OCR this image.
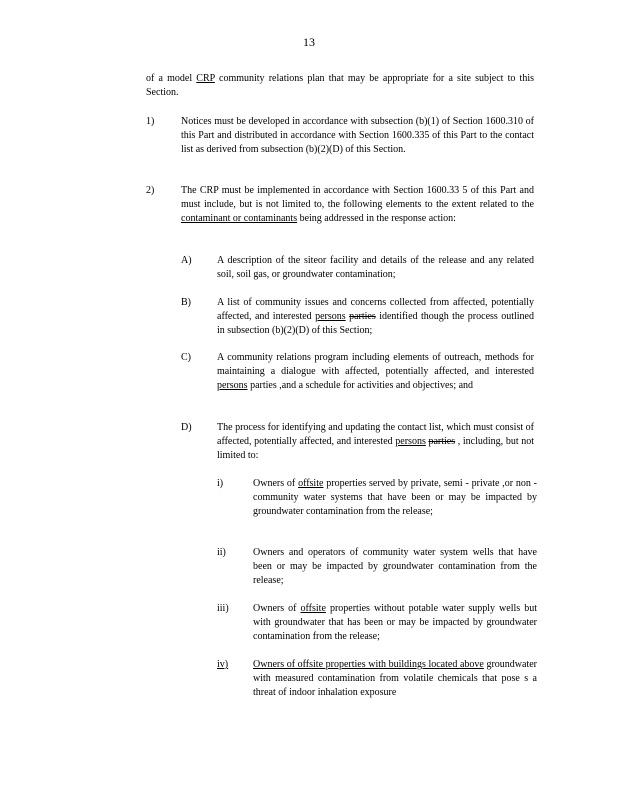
13
of a model CRP community relations plan that may be appropriate for a site subject to this Section.
1)	Notices must be developed in accordance with subsection (b)(1) of Section 1600.310 of this Part and distributed in accordance with Section 1600.335 of this Part to the contact list as derived from subsection (b)(2)(D) of this Section.
2)	The CRP must be implemented in accordance with Section 1600.33 5 of this Part and must include, but is not limited to, the following elements to the extent related to the contaminant or contaminants being addressed in the response action:
A)	A description of the siteor facility and details of the release and any related soil, soil gas, or groundwater contamination;
B)	A list of community issues and concerns collected from affected, potentially affected, and interested persons parties identified though the process outlined in subsection (b)(2)(D) of this Section;
C)	A community relations program including elements of outreach, methods for maintaining a dialogue with affected, potentially affected, and interested persons parties ,and a schedule for activities and objectives; and
D)	The process for identifying and updating the contact list, which must consist of affected, potentially affected, and interested persons parties , including, but not limited to:
i)	Owners of offsite properties served by private, semi - private ,or non -community water systems that have been or may be impacted by groundwater contamination from the release;
ii)	Owners and operators of community water system wells that have been or may be impacted by groundwater contamination from the release;
iii) Owners of offsite properties without potable water supply wells but with groundwater that has been or may be impacted by groundwater contamination from the release;
iv) Owners of offsite properties with buildings located above groundwater with measured contamination from volatile chemicals that pose s a threat of indoor inhalation exposure
